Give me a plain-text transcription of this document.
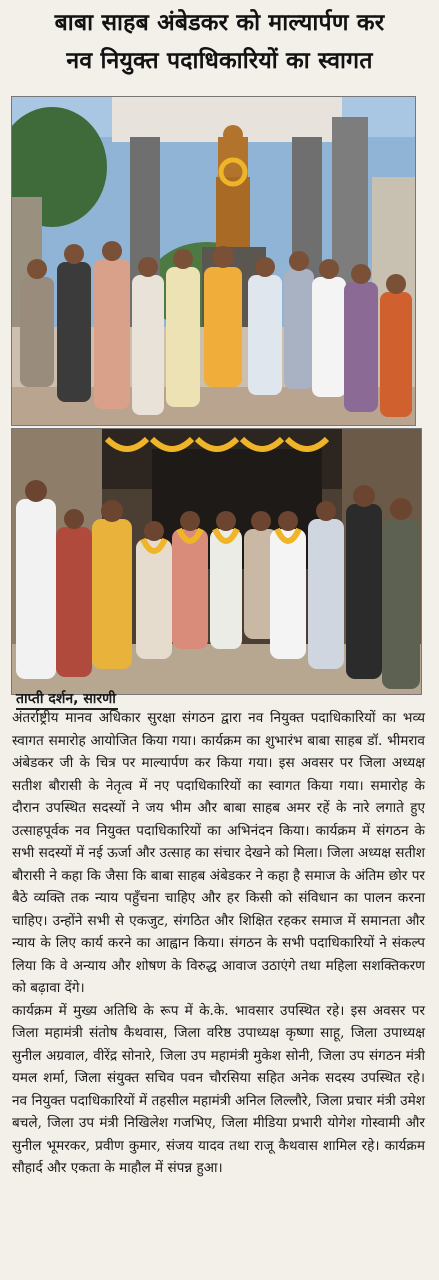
बाबा साहब अंबेडकर को माल्यार्पण कर
नव नियुक्त पदाधिकारियों का स्वागत
ताप्ती दर्शन, सारणी

अंतर्राष्ट्रीय मानव अधिकार सुरक्षा संगठन द्वारा नव नियुक्त पदाधिकारियों का भव्य स्वागत समारोह आयोजित किया गया। कार्यक्रम का शुभारंभ बाबा साहब डॉ. भीमराव अंबेडकर जी के चित्र पर माल्यार्पण कर किया गया। इस अवसर पर जिला अध्यक्ष सतीश बौरासी के नेतृत्व में नए पदाधिकारियों का स्वागत किया गया। समारोह के दौरान उपस्थित सदस्यों ने जय भीम और बाबा साहब अमर रहें के नारे लगाते हुए उत्साहपूर्वक नव नियुक्त पदाधिकारियों का अभिनंदन किया। कार्यक्रम में संगठन के सभी सदस्यों में नई ऊर्जा और उत्साह का संचार देखने को मिला। जिला अध्यक्ष सतीश बौरासी ने कहा कि जैसा कि बाबा साहब अंबेडकर ने कहा है समाज के अंतिम छोर पर बैठे व्यक्ति तक न्याय पहुँचना चाहिए और हर किसी को संविधान का पालन करना चाहिए। उन्होंने सभी से एकजुट, संगठित और शिक्षित रहकर समाज में समानता और न्याय के लिए कार्य करने का आह्वान किया। संगठन के सभी पदाधिकारियों ने संकल्प लिया कि वे अन्याय और शोषण के विरुद्ध आवाज उठाएंगे तथा महिला सशक्तिकरण को बढ़ावा देंगे।

कार्यक्रम में मुख्य अतिथि के रूप में के.के. भावसार उपस्थित रहे। इस अवसर पर जिला महामंत्री संतोष कैथवास, जिला वरिष्ठ उपाध्यक्ष कृष्णा साहू, जिला उपाध्यक्ष सुनील अग्रवाल, वीरेंद्र सोनारे, जिला उप महामंत्री मुकेश सोनी, जिला उप संगठन मंत्री यमल शर्मा, जिला संयुक्त सचिव पवन चौरसिया सहित अनेक सदस्य उपस्थित रहे। नव नियुक्त पदाधिकारियों में तहसील महामंत्री अनिल लिल्लौरे, जिला प्रचार मंत्री उमेश बचले, जिला उप मंत्री निखिलेश गजभिए, जिला मीडिया प्रभारी योगेश गोस्वामी और सुनील भूमरकर, प्रवीण कुमार, संजय यादव तथा राजू कैथवास शामिल रहे। कार्यक्रम सौहार्द और एकता के माहौल में संपन्न हुआ।
